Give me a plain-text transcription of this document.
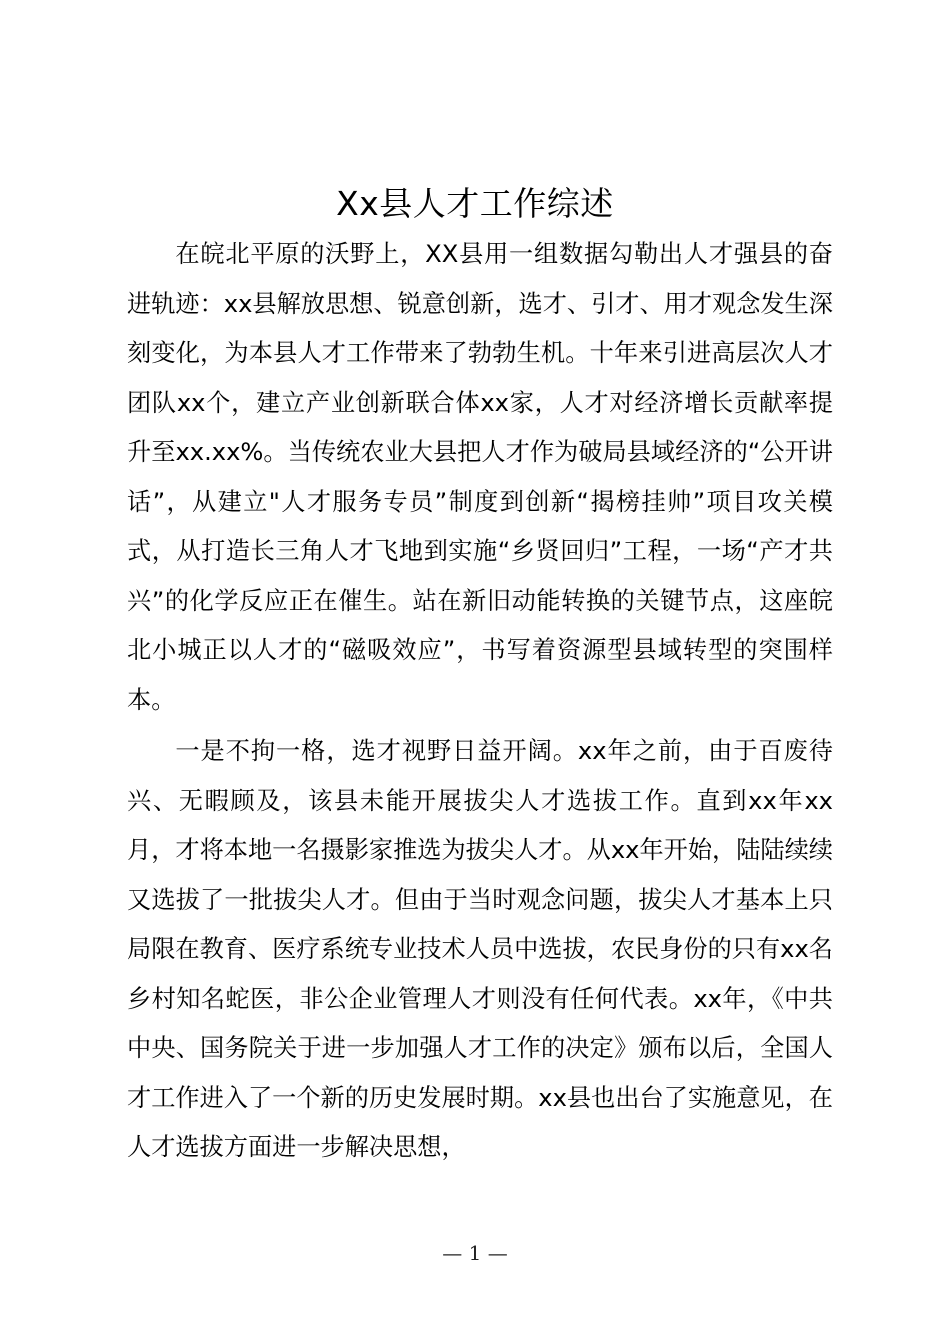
Xx县人才工作综述

在皖北平原的沃野上，XX县用一组数据勾勒出人才强县的奋进轨迹：xx县解放思想、锐意创新，选才、引才、用才观念发生深刻变化，为本县人才工作带来了勃勃生机。十年来引进高层次人才团队xx个，建立产业创新联合体xx家，人才对经济增长贡献率提升至xx.xx%。当传统农业大县把人才作为破局县域经济的“公开讲话”，从建立"人才服务专员”制度到创新“揭榜挂帅”项目攻关模式，从打造长三角人才飞地到实施“乡贤回归”工程，一场“产才共兴”的化学反应正在催生。站在新旧动能转换的关键节点，这座皖北小城正以人才的“磁吸效应”，书写着资源型县域转型的突围样本。

一是不拘一格，选才视野日益开阔。xx年之前，由于百废待兴、无暇顾及，该县未能开展拔尖人才选拔工作。直到xx年xx月，才将本地一名摄影家推选为拔尖人才。从xx年开始，陆陆续续又选拔了一批拔尖人才。但由于当时观念问题，拔尖人才基本上只局限在教育、医疗系统专业技术人员中选拔，农民身份的只有xx名乡村知名蛇医，非公企业管理人才则没有任何代表。xx年，《中共中央、国务院关于进一步加强人才工作的决定》颁布以后，全国人才工作进入了一个新的历史发展时期。xx县也出台了实施意见，在人才选拔方面进一步解决思想，

— 1 —
